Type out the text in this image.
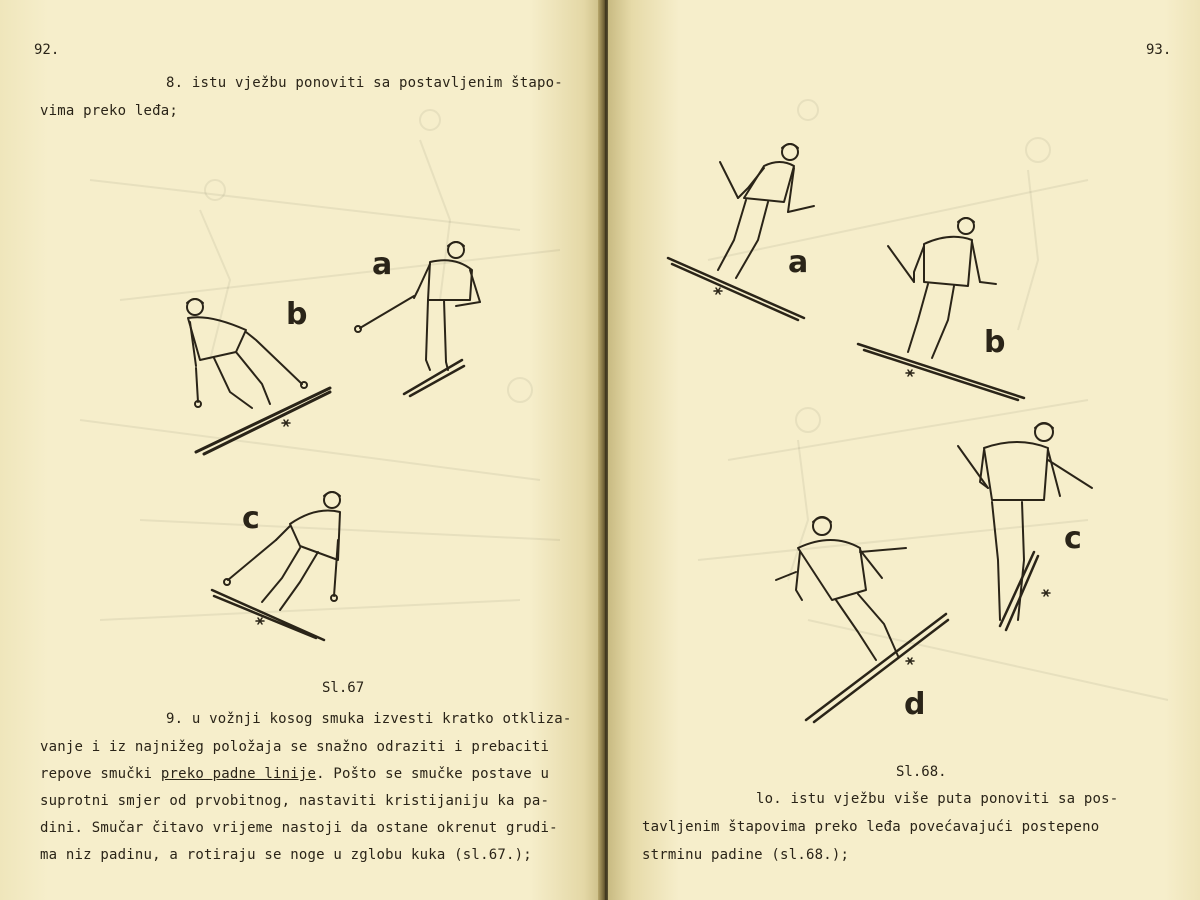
92.
8. istu vježbu ponoviti sa postavljenim štapo-
vima preko leđa;
a
b
c
Sl.67
9. u vožnji kosog smuka izvesti kratko otkliza-
vanje i iz najnižeg položaja se snažno odraziti i prebaciti
repove smučki preko padne linije. Pošto se smučke postave u
suprotni smjer od prvobitnog, nastaviti kristijaniju ka pa-
dini. Smučar čitavo vrijeme nastoji da ostane okrenut grudi-
ma niz padinu, a rotiraju se noge u zglobu kuka (sl.67.);
93.
a
b
c
d
Sl.68.
lo. istu vježbu više puta ponoviti sa pos-
tavljenim štapovima preko leđa povećavajući postepeno
strminu padine (sl.68.);
